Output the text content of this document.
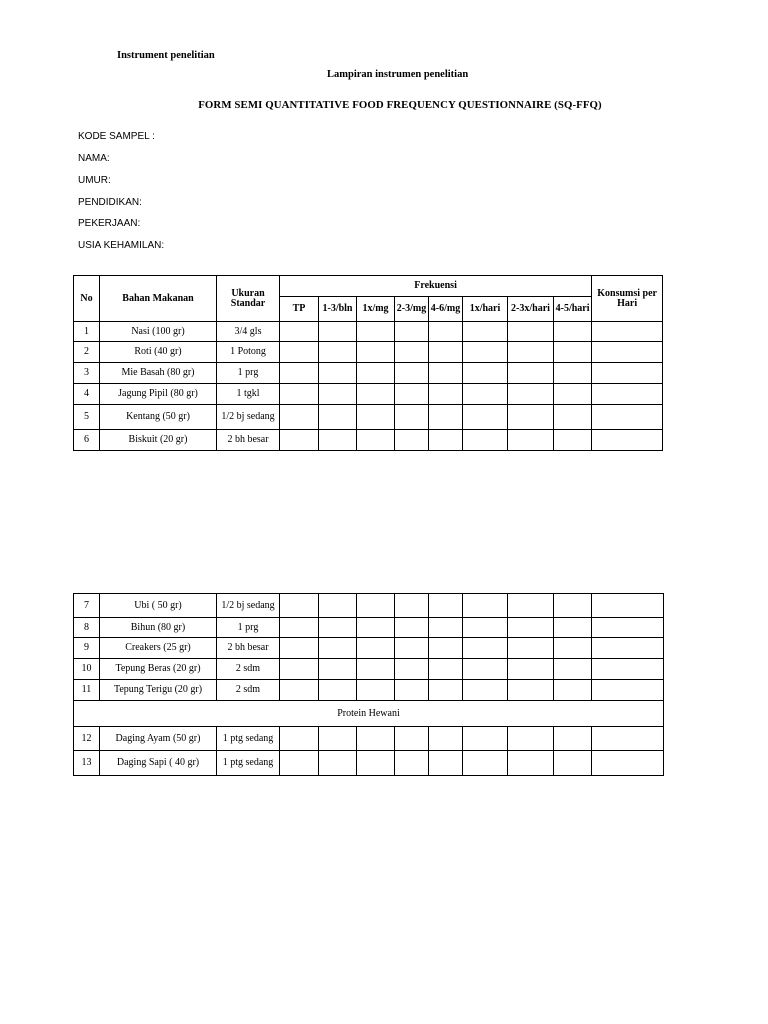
Instrument penelitian
Lampiran instrumen penelitian
FORM SEMI QUANTITATIVE FOOD FREQUENCY QUESTIONNAIRE (SQ-FFQ)
KODE SAMPEL :
NAMA:
UMUR:
PENDIDIKAN:
PEKERJAAN:
USIA KEHAMILAN:
No	Bahan Makanan	Ukuran Standar	Frekuensi								Konsumsi per Hari
			TP	1-3/bln	1x/mg	2-3/mg	4-6/mg	1x/hari	2-3x/hari	4-5/hari	
1	Nasi (100 gr)	3/4 gls									
2	Roti (40 gr)	1 Potong									
3	Mie Basah (80 gr)	1 prg									
4	Jagung Pipil (80 gr)	1 tgkl									
5	Kentang (50 gr)	1/2 bj sedang									
6	Biskuit (20 gr)	2 bh besar									
7	Ubi ( 50 gr)	1/2 bj sedang									
8	Bihun (80 gr)	1 prg									
9	Creakers (25 gr)	2 bh besar									
10	Tepung Beras (20 gr)	2 sdm									
11	Tepung Terigu (20 gr)	2 sdm									
Protein Hewani											
12	Daging Ayam (50 gr)	1 ptg sedang									
13	Daging Sapi ( 40 gr)	1 ptg sedang									
